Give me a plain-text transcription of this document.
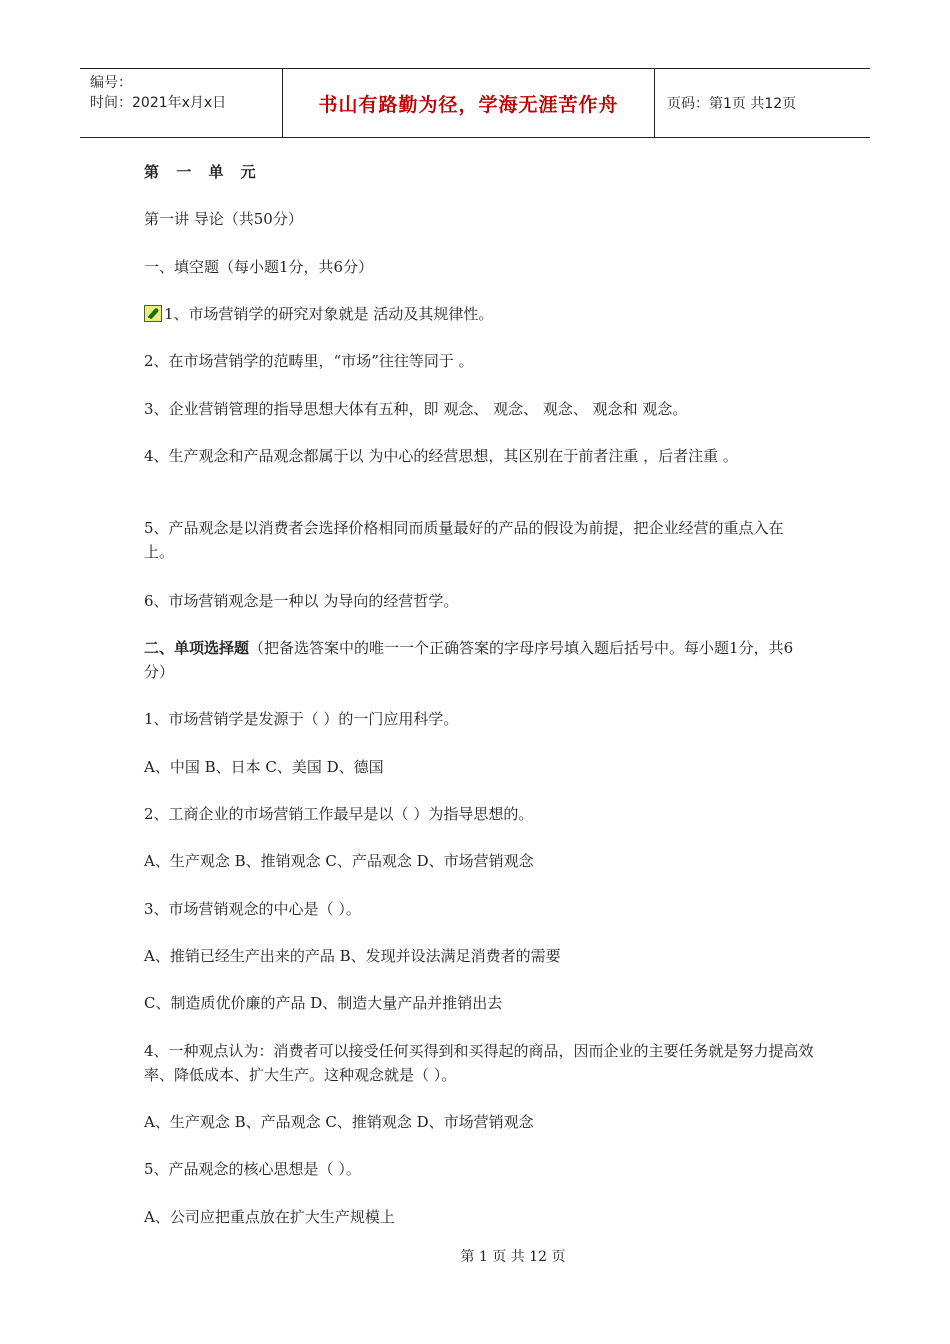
编号：
时间：2021年x月x日	书山有路勤为径，学海无涯苦作舟	页码：第1页 共12页
第 一 单 元
第一讲 导论（共50分）
一、填空题（每小题1分，共6分）
1、市场营销学的研究对象就是 活动及其规律性。
2、在市场营销学的范畴里，“市场”往往等同于 。
3、企业营销管理的指导思想大体有五种，即 观念、 观念、 观念、 观念和 观念。
4、生产观念和产品观念都属于以 为中心的经营思想，其区别在于前者注重 ，后者注重 。
5、产品观念是以消费者会选择价格相同而质量最好的产品的假设为前提，把企业经营的重点入在 上。
6、市场营销观念是一种以 为导向的经营哲学。
二、单项选择题（把备选答案中的唯一一个正确答案的字母序号填入题后括号中。每小题1分，共6分）
1、市场营销学是发源于（ ）的一门应用科学。
A、中国 B、日本 C、美国 D、德国
2、工商企业的市场营销工作最早是以（ ）为指导思想的。
A、生产观念 B、推销观念 C、产品观念 D、市场营销观念
3、市场营销观念的中心是（ ）。
A、推销已经生产出来的产品 B、发现并设法满足消费者的需要
C、制造质优价廉的产品 D、制造大量产品并推销出去
4、一种观点认为：消费者可以接受任何买得到和买得起的商品，因而企业的主要任务就是努力提高效率、降低成本、扩大生产。这种观念就是（ ）。
A、生产观念 B、产品观念 C、推销观念 D、市场营销观念
5、产品观念的核心思想是（ ）。
A、公司应把重点放在扩大生产规模上
第 1 页 共 12 页
